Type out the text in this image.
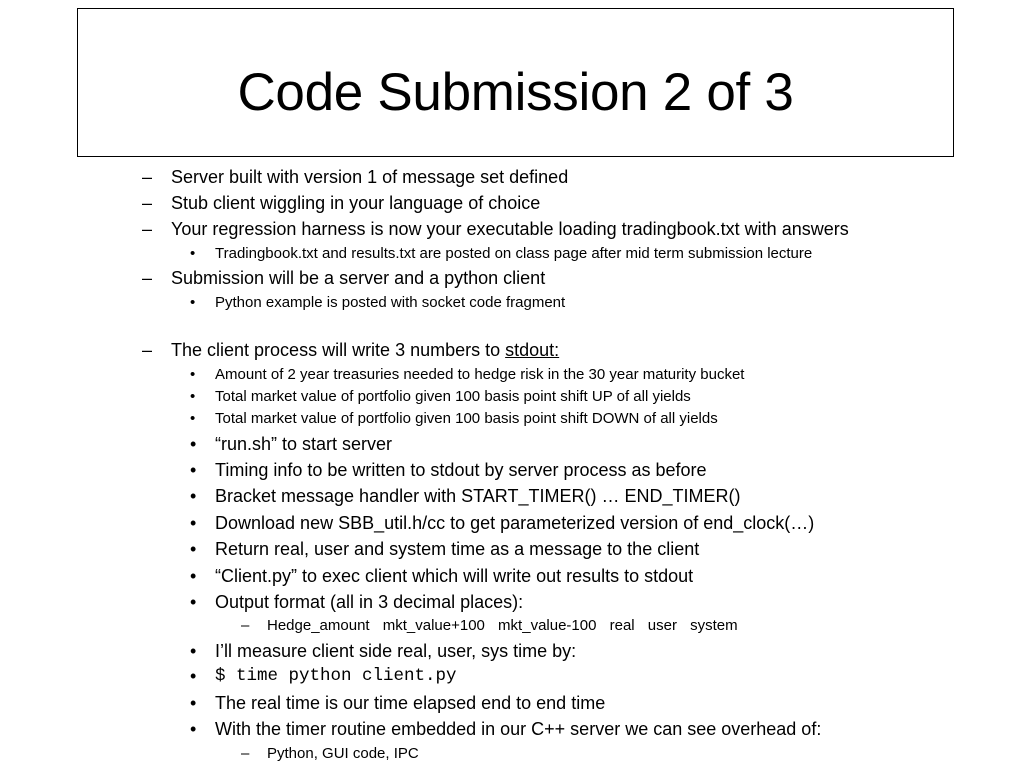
Code Submission 2 of 3
– Server built with version 1 of message set defined
– Stub client wiggling in your language of choice
– Your regression harness is now your executable loading tradingbook.txt with answers
• Tradingbook.txt and results.txt are posted on class page after mid term submission lecture
– Submission will be a server and a python client
• Python example is posted with socket code fragment
– The client process will write 3 numbers to stdout:
• Amount of 2 year treasuries needed to hedge risk in the 30 year maturity bucket
• Total market value of portfolio given 100 basis point shift UP of all yields
• Total market value of portfolio given 100 basis point shift DOWN of all yields
• “run.sh” to start server
• Timing info to be written to stdout by server process as before
• Bracket message handler with START_TIMER() … END_TIMER()
• Download new SBB_util.h/cc to get parameterized version of end_clock(…)
• Return real, user and system time as a message to the client
• “Client.py” to exec client which will write out results to stdout
• Output format (all in 3 decimal places):
– Hedge_amount mkt_value+100 mkt_value-100 real user system
• I’ll measure client side real, user, sys time by:
• $ time python client.py
• The real time is our time elapsed end to end time
• With the timer routine embedded in our C++ server we can see overhead of:
– Python, GUI code, IPC
